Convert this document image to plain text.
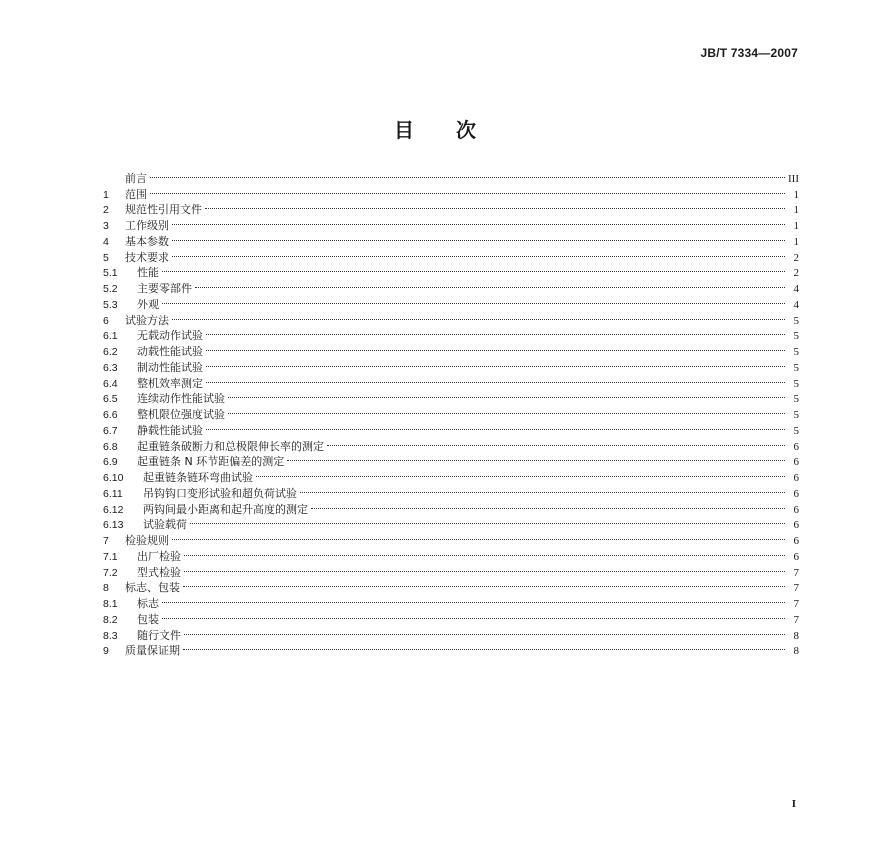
JB/T 7334—2007
目次
前言	III
1	范围	1
2	规范性引用文件	1
3	工作级别	1
4	基本参数	1
5	技术要求	2
5.1	性能	2
5.2	主要零部件	4
5.3	外观	4
6	试验方法	5
6.1	无载动作试验	5
6.2	动载性能试验	5
6.3	制动性能试验	5
6.4	整机效率测定	5
6.5	连续动作性能试验	5
6.6	整机限位强度试验	5
6.7	静载性能试验	5
6.8	起重链条破断力和总极限伸长率的测定	6
6.9	起重链条 N 环节距偏差的测定	6
6.10	起重链条链环弯曲试验	6
6.11	吊钩钩口变形试验和超负荷试验	6
6.12	两钩间最小距离和起升高度的测定	6
6.13	试验载荷	6
7	检验规则	6
7.1	出厂检验	6
7.2	型式检验	7
8	标志、包装	7
8.1	标志	7
8.2	包装	7
8.3	随行文件	8
9	质量保证期	8
I
